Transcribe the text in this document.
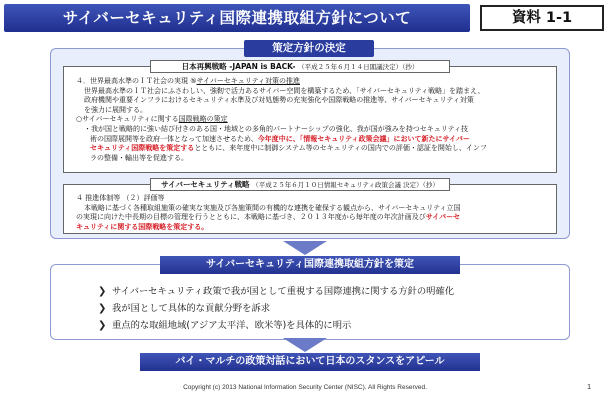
サイバーセキュリティ国際連携取組方針について	資料 1-1
策定方針の決定
日本再興戦略 -JAPAN is BACK- （平成２５年６月１４日閣議決定）（抄）
４．世界最高水準のＩＴ社会の実現 ⑤サイバーセキュリティ対策の推進
世界最高水準のＩＴ社会にふさわしい、強靭で活力あるサイバー空間を構築するため、「サイバーセキュリティ戦略」を踏まえ、
政府機関や重要インフラにおけるセキュリティ水準及び対処態勢の充実強化や国際戦略の推進等、サイバーセキュリティ対策
を強力に展開する。
○サイバーセキュリティに関する国際戦略の策定
・我が国と戦略的に強い結び付きのある国・地域との多角的パートナーシップの強化、我が国が強みを持つセキュリティ技
術の国際展開等を政府一体となって加速させるため、今年度中に、「情報セキュリティ政策会議」において新たにサイバー
セキュリティ国際戦略を策定するとともに、来年度中に制御システム等のセキュリティの国内での評価・認証を開始し、インフ
ラの整備・輸出等を促進する。
サイバーセキュリティ戦略 （平成２５年６月１０日情報セキュリティ政策会議 決定）（抄）
４ 推進体制等 （２）評価等
本戦略に基づく各種取組施策の確実な実施及び各施策間の有機的な連携を確保する観点から、サイバーセキュリティ立国
の実現に向けた中長期の目標の管理を行うとともに、本戦略に基づき、２０１３年度から毎年度の年次計画及びサイバーセ
キュリティに関する国際戦略を策定する。
サイバーセキュリティ国際連携取組方針を策定
❯ サイバーセキュリティ政策で我が国として重視する国際連携に関する方針の明確化
❯ 我が国として具体的な貢献分野を訴求
❯ 重点的な取組地域(アジア太平洋、欧米等)を具体的に明示
バイ・マルチの政策対話において日本のスタンスをアピール
Copyright (c) 2013 National Information Security Center (NISC). All Rights Reserved.	1
